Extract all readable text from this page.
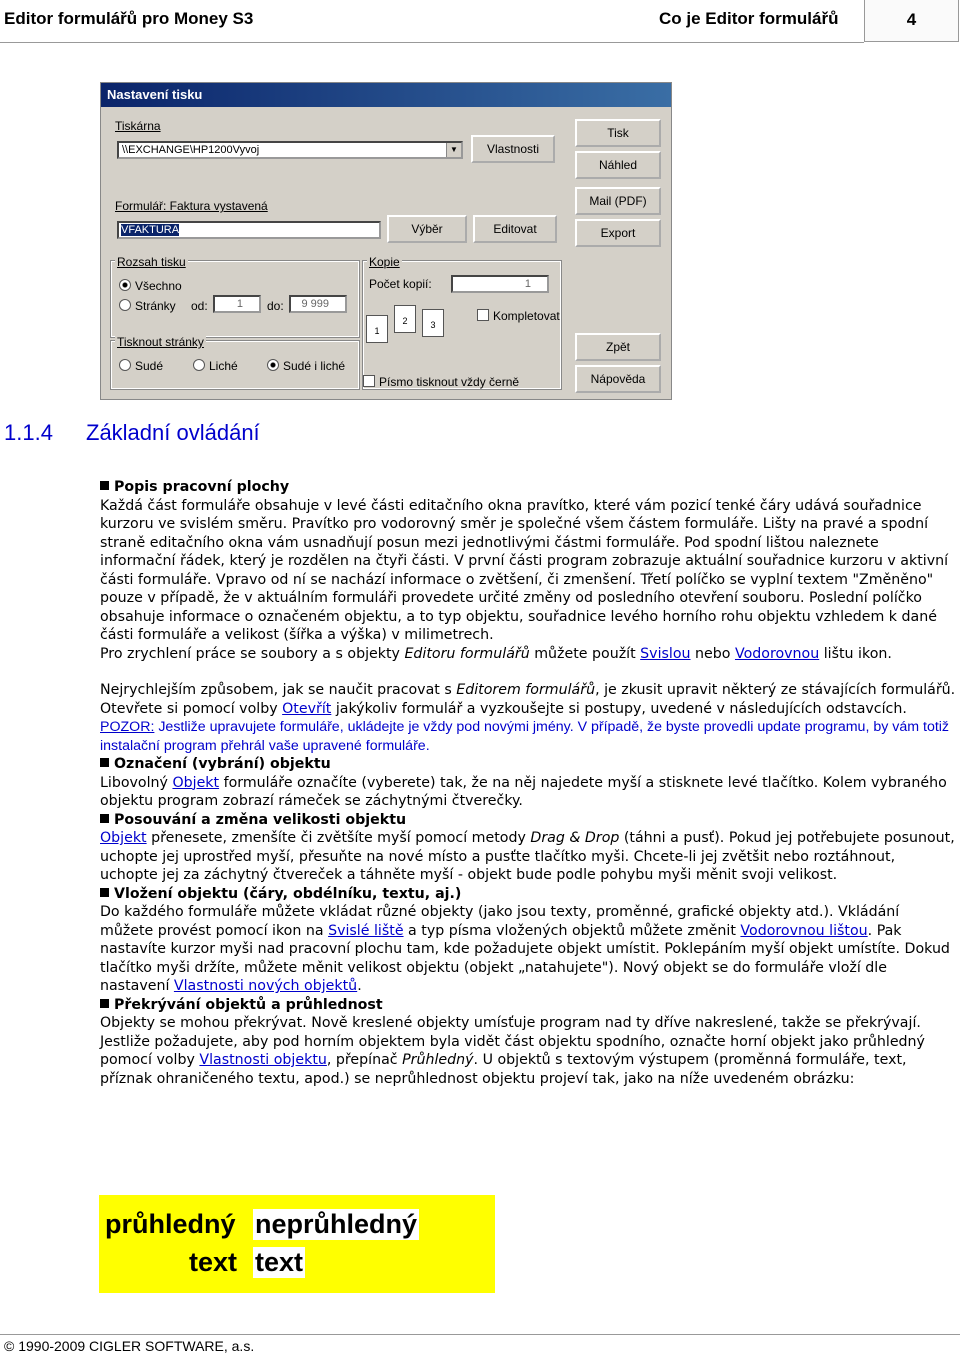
Editor formulářů pro Money S3	Co je Editor formulářů	4
Nastavení tisku
Tiskárna
\\EXCHANGE\HP1200Vyvoj	▼	Vlastnosti
Formulář: Faktura vystavená
VFAKTURA	Výběr	Editovat
Rozsah tisku
Všechno
Stránky od:	1	do:	9 999
Kopie
Počet kopií:	1
1
2	3
Kompletovat
Tisknout stránky
Sudé	Liché	Sudé i liché
Písmo tisknout vždy černě
Tisk
Náhled
Mail (PDF)
Export
Zpět
Nápověda
1.1.4 Základní ovládání

Popis pracovní plochy

Každá část formuláře obsahuje v levé části editačního okna pravítko, které vám pozicí tenké čáry udává souřadnice kurzoru ve svislém směru. Pravítko pro vodorovný směr je společné všem částem formuláře. Lišty na pravé a spodní straně editačního okna vám usnadňují posun mezi jednotlivými částmi formuláře. Pod spodní lištou naleznete informační řádek, který je rozdělen na čtyři části. V první části program zobrazuje aktuální souřadnice kurzoru v aktivní části formuláře. Vpravo od ní se nachází informace o zvětšení, či zmenšení. Třetí políčko se vyplní textem "Změněno" pouze v případě, že v aktuálním formuláři provedete určité změny od posledního otevření souboru. Poslední políčko obsahuje informace o označeném objektu, a to typ objektu, souřadnice levého horního rohu objektu vzhledem k dané části formuláře a velikost (šířka a výška) v milimetrech.

Pro zrychlení práce se soubory a s objekty Editoru formulářů můžete použít Svislou nebo Vodorovnou lištu ikon.

Nejrychlejším způsobem, jak se naučit pracovat s Editorem formulářů, je zkusit upravit některý ze stávajících formulářů. Otevřete si pomocí volby Otevřít jakýkoliv formulář a vyzkoušejte si postupy, uvedené v následujících odstavcích.

POZOR: Jestliže upravujete formuláře, ukládejte je vždy pod novými jmény. V případě, že byste provedli update programu, by vám totiž instalační program přehrál vaše upravené formuláře.

Označení (vybrání) objektu

Libovolný Objekt formuláře označíte (vyberete) tak, že na něj najedete myší a stisknete levé tlačítko. Kolem vybraného objektu program zobrazí rámeček se záchytnými čtverečky.

Posouvání a změna velikosti objektu

Objekt přenesete, zmenšíte či zvětšíte myší pomocí metody Drag & Drop (táhni a pusť). Pokud jej potřebujete posunout, uchopte jej uprostřed myší, přesuňte na nové místo a pusťte tlačítko myši. Chcete-li jej zvětšit nebo roztáhnout, uchopte jej za záchytný čtvereček a táhněte myší - objekt bude podle pohybu myši měnit svoji velikost.

Vložení objektu (čáry, obdélníku, textu, aj.)

Do každého formuláře můžete vkládat různé objekty (jako jsou texty, proměnné, grafické objekty atd.). Vkládání můžete provést pomocí ikon na Svislé liště a typ písma vložených objektů můžete změnit Vodorovnou lištou. Pak nastavíte kurzor myši nad pracovní plochu tam, kde požadujete objekt umístit. Poklepáním myší objekt umístíte. Dokud tlačítko myši držíte, můžete měnit velikost objektu (objekt „natahujete"). Nový objekt se do formuláře vloží dle nastavení Vlastnosti nových objektů.

Překrývání objektů a průhlednost

Objekty se mohou překrývat. Nově kreslené objekty umísťuje program nad ty dříve nakreslené, takže se překrývají. Jestliže požadujete, aby pod horním objektem byla vidět část objektu spodního, označte horní objekt jako průhledný pomocí volby Vlastnosti objektu, přepínač Průhledný. U objektů s textovým výstupem (proměnná formuláře, text, příznak ohraničeného textu, apod.) se neprůhlednost objektu projeví tak, jako na níže uvedeném obrázku:

průhledný neprůhledný
text text
© 1990-2009 CIGLER SOFTWARE, a.s.
